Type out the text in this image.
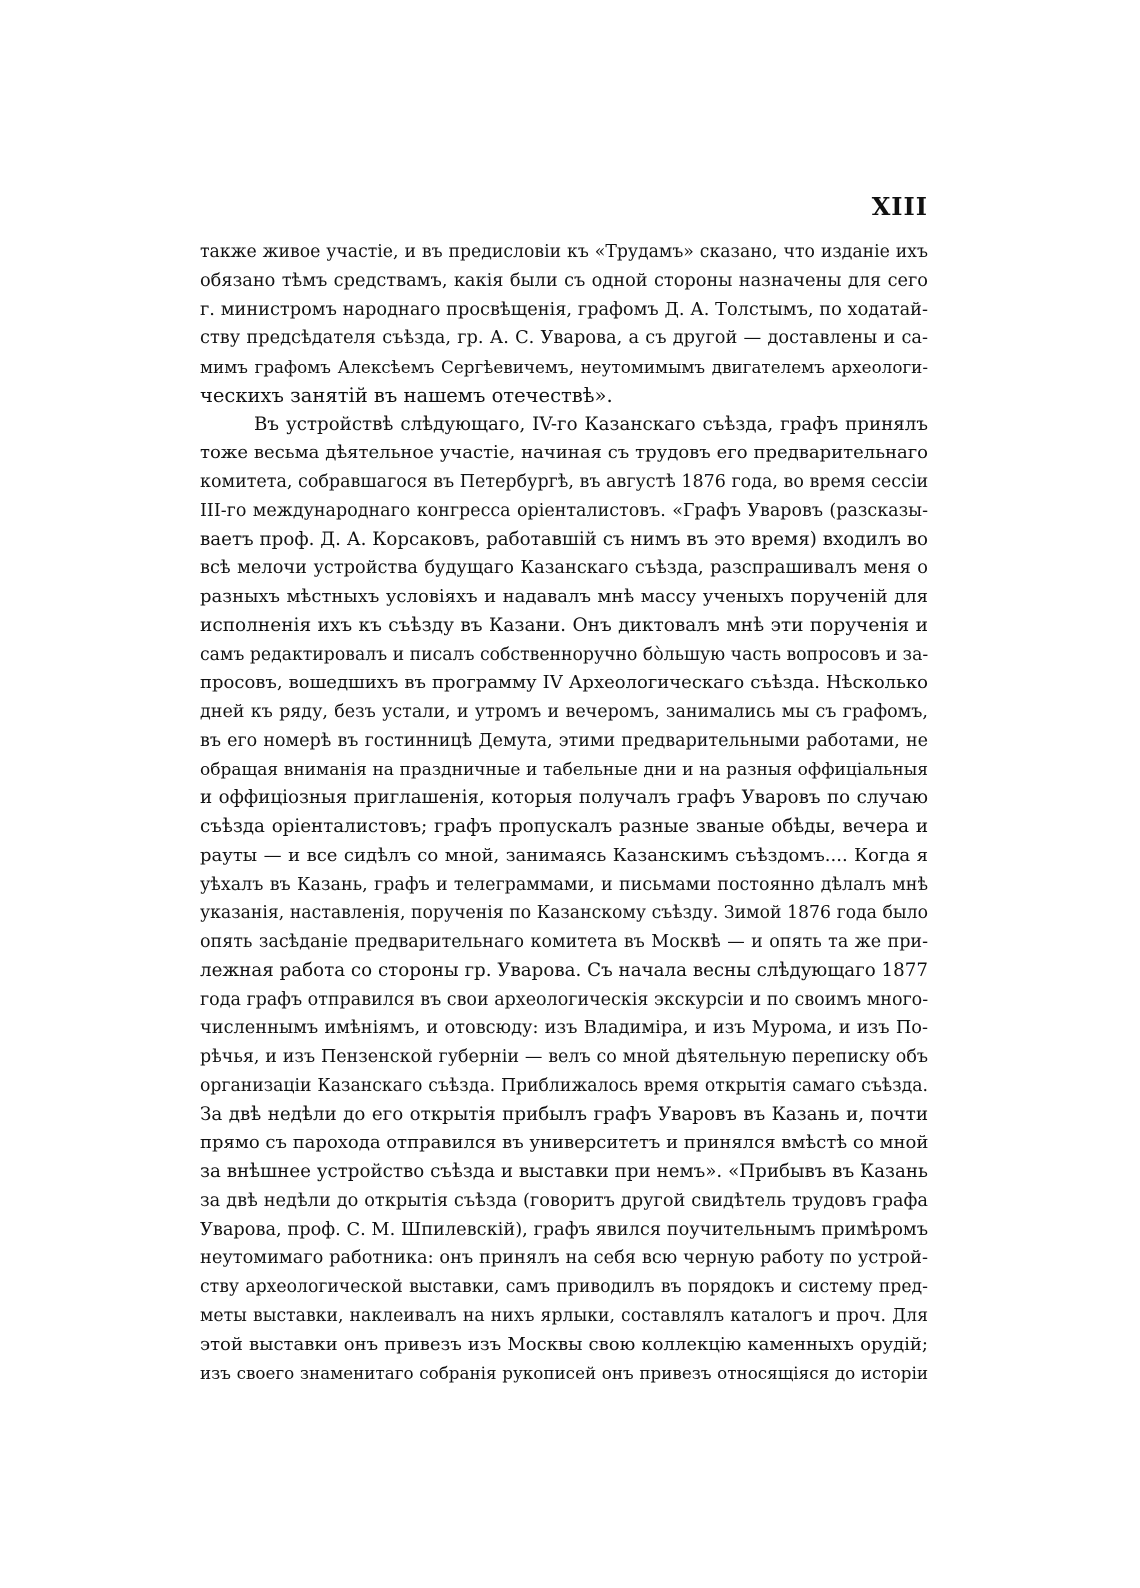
XIII
также живое участіе, и въ предисловіи къ «Трудамъ» сказано, что изданіе ихъ
обязано тѣмъ средствамъ, какія были съ одной стороны назначены для сего
г. министромъ народнаго просвѣщенія, графомъ Д. А. Толстымъ, по ходатай-
ству предсѣдателя съѣзда, гр. А. С. Уварова, а съ другой — доставлены и са-
мимъ графомъ Алексѣемъ Сергѣевичемъ, неутомимымъ двигателемъ археологи-
ческихъ занятій въ нашемъ отечествѣ».
Въ устройствѣ слѣдующаго, IV-го Казанскаго съѣзда, графъ принялъ
тоже весьма дѣятельное участіе, начиная съ трудовъ его предварительнаго
комитета, собравшагося въ Петербургѣ, въ августѣ 1876 года, во время сессіи
III-го международнаго конгресса оріенталистовъ. «Графъ Уваровъ (разсказы-
ваетъ проф. Д. А. Корсаковъ, работавшій съ нимъ въ это время) входилъ во
всѣ мелочи устройства будущаго Казанскаго съѣзда, разспрашивалъ меня о
разныхъ мѣстныхъ условіяхъ и надавалъ мнѣ массу ученыхъ порученій для
исполненія ихъ къ съѣзду въ Казани. Онъ диктовалъ мнѣ эти порученія и
самъ редактировалъ и писалъ собственноручно бо̀льшую часть вопросовъ и за-
просовъ, вошедшихъ въ программу IV Археологическаго съѣзда. Нѣсколько
дней къ ряду, безъ устали, и утромъ и вечеромъ, занимались мы съ графомъ,
въ его номерѣ въ гостинницѣ Демута, этими предварительными работами, не
обращая вниманія на праздничные и табельные дни и на разныя оффиціальныя
и оффиціозныя приглашенія, которыя получалъ графъ Уваровъ по случаю
съѣзда оріенталистовъ; графъ пропускалъ разные званые обѣды, вечера и
рауты — и все сидѣлъ со мной, занимаясь Казанскимъ съѣздомъ.... Когда я
уѣхалъ въ Казань, графъ и телеграммами, и письмами постоянно дѣлалъ мнѣ
указанія, наставленія, порученія по Казанскому съѣзду. Зимой 1876 года было
опять засѣданіе предварительнаго комитета въ Москвѣ — и опять та же при-
лежная работа со стороны гр. Уварова. Съ начала весны слѣдующаго 1877
года графъ отправился въ свои археологическія экскурсіи и по своимъ много-
численнымъ имѣніямъ, и отовсюду: изъ Владиміра, и изъ Мурома, и изъ По-
рѣчья, и изъ Пензенской губерніи — велъ со мной дѣятельную переписку объ
организаціи Казанскаго съѣзда. Приближалось время открытія самаго съѣзда.
За двѣ недѣли до его открытія прибылъ графъ Уваровъ въ Казань и, почти
прямо съ парохода отправился въ университетъ и принялся вмѣстѣ со мной
за внѣшнее устройство съѣзда и выставки при немъ». «Прибывъ въ Казань
за двѣ недѣли до открытія съѣзда (говоритъ другой свидѣтель трудовъ графа
Уварова, проф. С. М. Шпилевскій), графъ явился поучительнымъ примѣромъ
неутомимаго работника: онъ принялъ на себя всю черную работу по устрой-
ству археологической выставки, самъ приводилъ въ порядокъ и систему пред-
меты выставки, наклеивалъ на нихъ ярлыки, составлялъ каталогъ и проч. Для
этой выставки онъ привезъ изъ Москвы свою коллекцію каменныхъ орудій;
изъ своего знаменитаго собранія рукописей онъ привезъ относящіяся до исторіи
